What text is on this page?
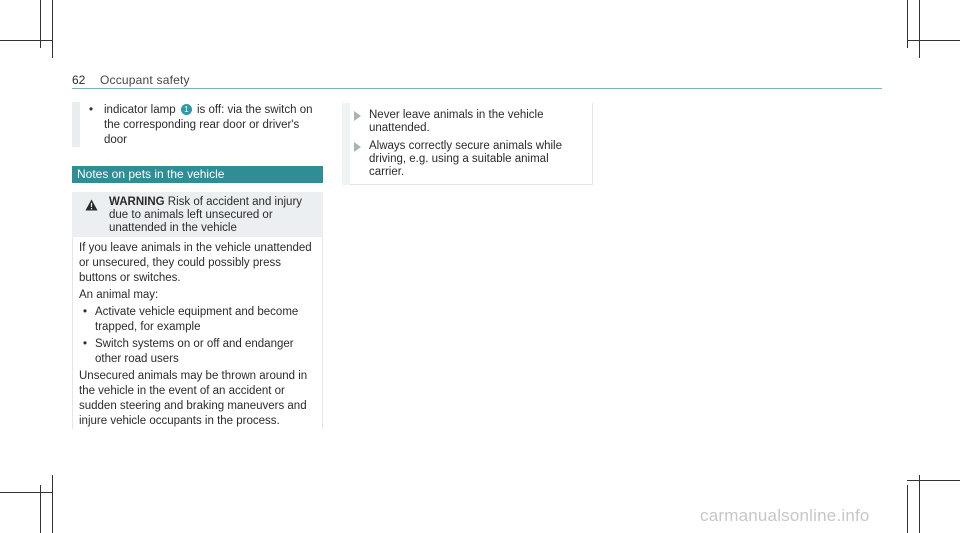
62 Occupant safety
• indicator lamp 1 is off: via the switch on the corresponding rear door or driver's door
Notes on pets in the vehicle
WARNING Risk of accident and injury due to animals left unsecured or unattended in the vehicle

If you leave animals in the vehicle unattended or unsecured, they could possibly press buttons or switches.

An animal may:

• Activate vehicle equipment and become trapped, for example
• Switch systems on or off and endanger other road users

Unsecured animals may be thrown around in the vehicle in the event of an accident or sudden steering and braking maneuvers and injure vehicle occupants in the process.

Never leave animals in the vehicle unattended.
Always correctly secure animals while driving, e.g. using a suitable animal carrier.
carmanualsonline.info
